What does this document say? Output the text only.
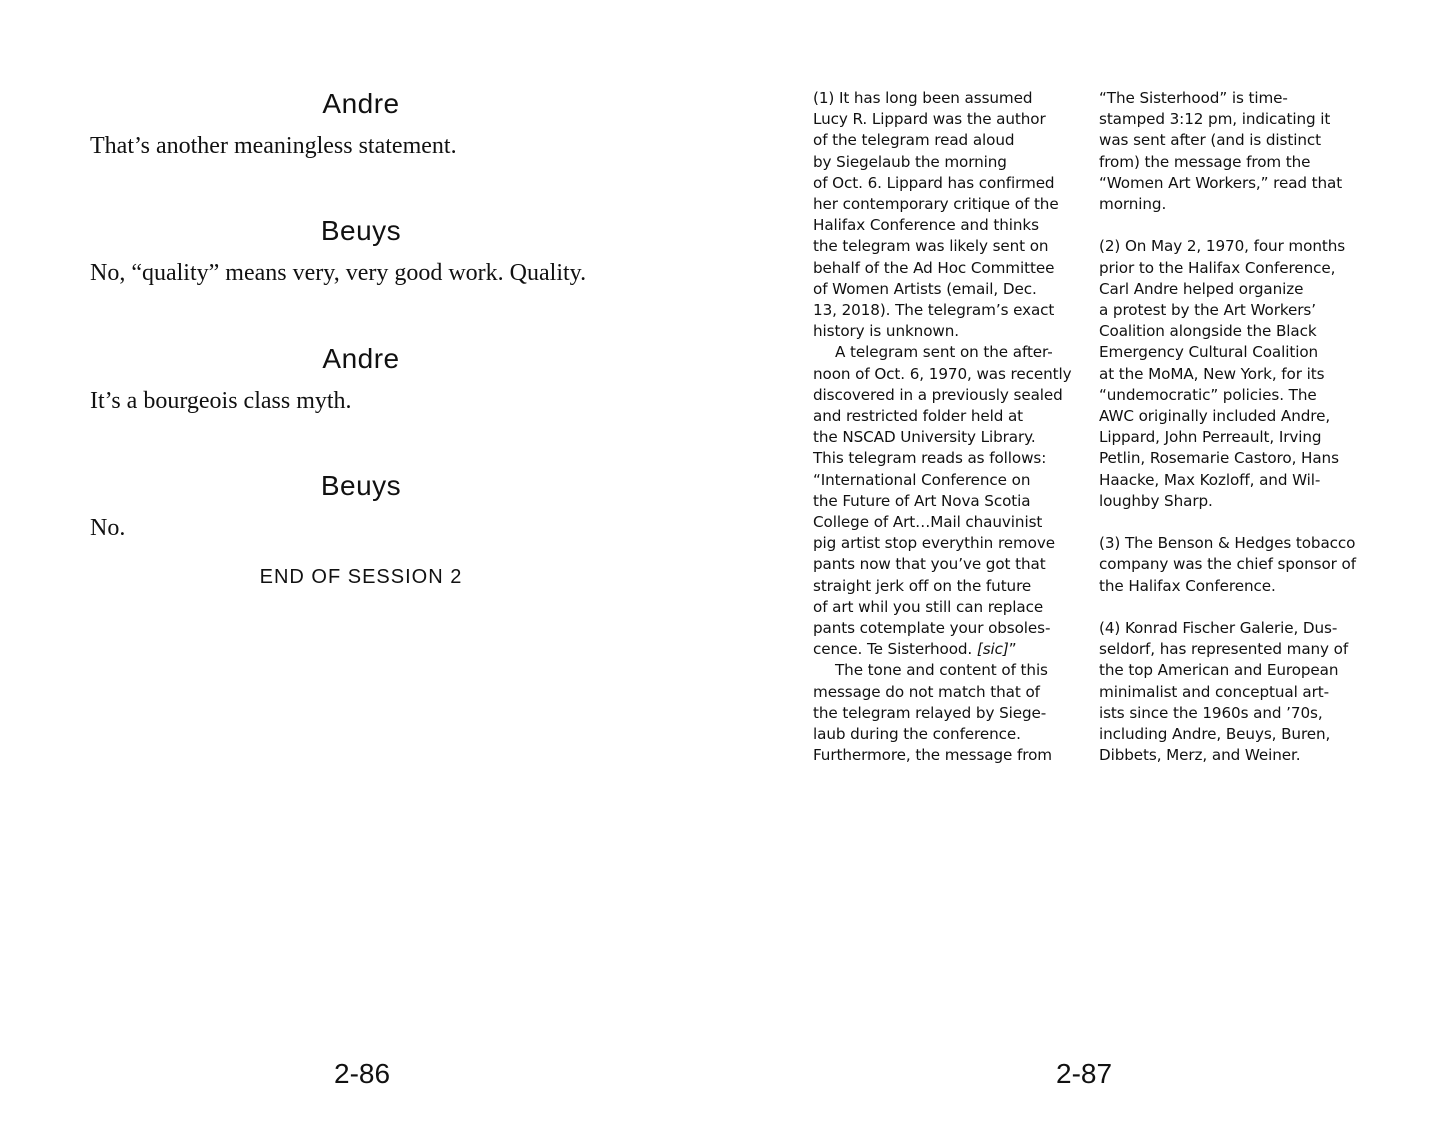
Andre
That’s another meaningless statement.
Beuys
No, “quality” means very, very good work. Quality.
Andre
It’s a bourgeois class myth.
Beuys
No.
END OF SESSION 2
2-86
(1) It has long been assumed
Lucy R. Lippard was the author
of the telegram read aloud
by Siegelaub the morning
of Oct. 6. Lippard has confirmed
her contemporary critique of the
Halifax Conference and thinks
the telegram was likely sent on
behalf of the Ad Hoc Committee
of Women Artists (email, Dec.
13, 2018). The telegram’s exact
history is unknown.
A telegram sent on the after-
noon of Oct. 6, 1970, was recently
discovered in a previously sealed
and restricted folder held at
the NSCAD University Library.
This telegram reads as follows:
“International Conference on
the Future of Art Nova Scotia
College of Art…Mail chauvinist
pig artist stop everythin remove
pants now that you’ve got that
straight jerk off on the future
of art whil you still can replace
pants cotemplate your obsoles-
cence. Te Sisterhood. [sic]”
The tone and content of this
message do not match that of
the telegram relayed by Siege-
laub during the conference.
Furthermore, the message from
“The Sisterhood” is time-
stamped 3:12 pm, indicating it
was sent after (and is distinct
from) the message from the
“Women Art Workers,” read that
morning.
(2) On May 2, 1970, four months
prior to the Halifax Conference,
Carl Andre helped organize
a protest by the Art Workers’
Coalition alongside the Black
Emergency Cultural Coalition
at the MoMA, New York, for its
“undemocratic” policies. The
AWC originally included Andre,
Lippard, John Perreault, Irving
Petlin, Rosemarie Castoro, Hans
Haacke, Max Kozloff, and Wil-
loughby Sharp.
(3) The Benson & Hedges tobacco
company was the chief sponsor of
the Halifax Conference.
(4) Konrad Fischer Galerie, Dus-
seldorf, has represented many of
the top American and European
minimalist and conceptual art-
ists since the 1960s and ’70s,
including Andre, Beuys, Buren,
Dibbets, Merz, and Weiner.
2-87
